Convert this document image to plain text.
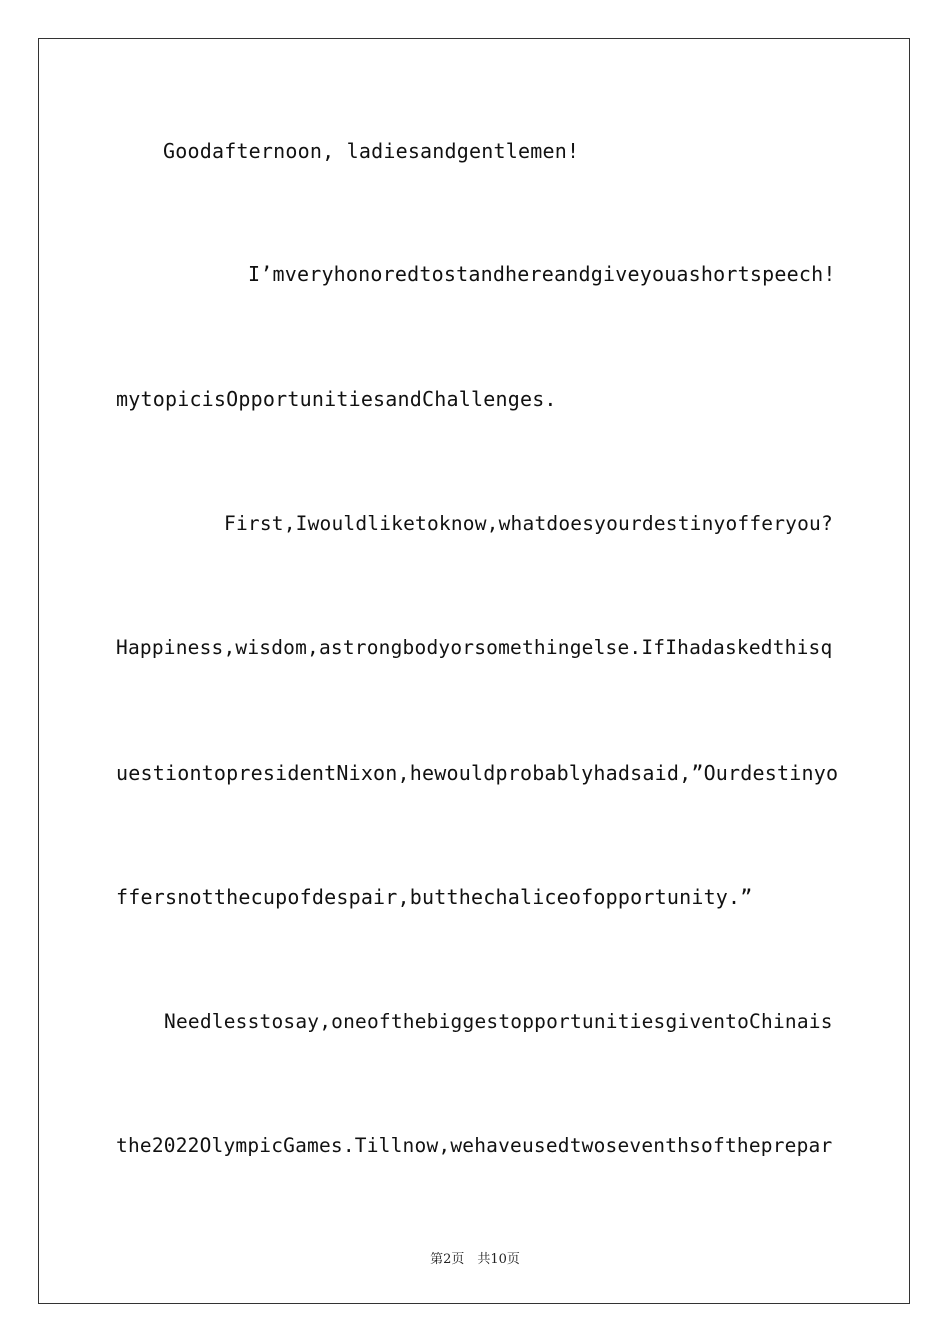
Goodafternoon, ladiesandgentlemen!
I’mveryhonoredtostandhereandgiveyouashortspeech!
mytopicisOpportunitiesandChallenges.
First,Iwouldliketoknow,whatdoesyourdestinyofferyou?
Happiness,wisdom,astrongbodyorsomethingelse.IfIhadaskedthisq
uestiontopresidentNixon,hewouldprobablyhadsaid,”Ourdestinyo
ffersnotthecupofdespair,butthechaliceofopportunity.”
Needlesstosay,oneofthebiggestopportunitiesgiventoChinais
the2022OlympicGames.Tillnow,wehaveusedtwoseventhsoftheprepar
第2页　共10页
